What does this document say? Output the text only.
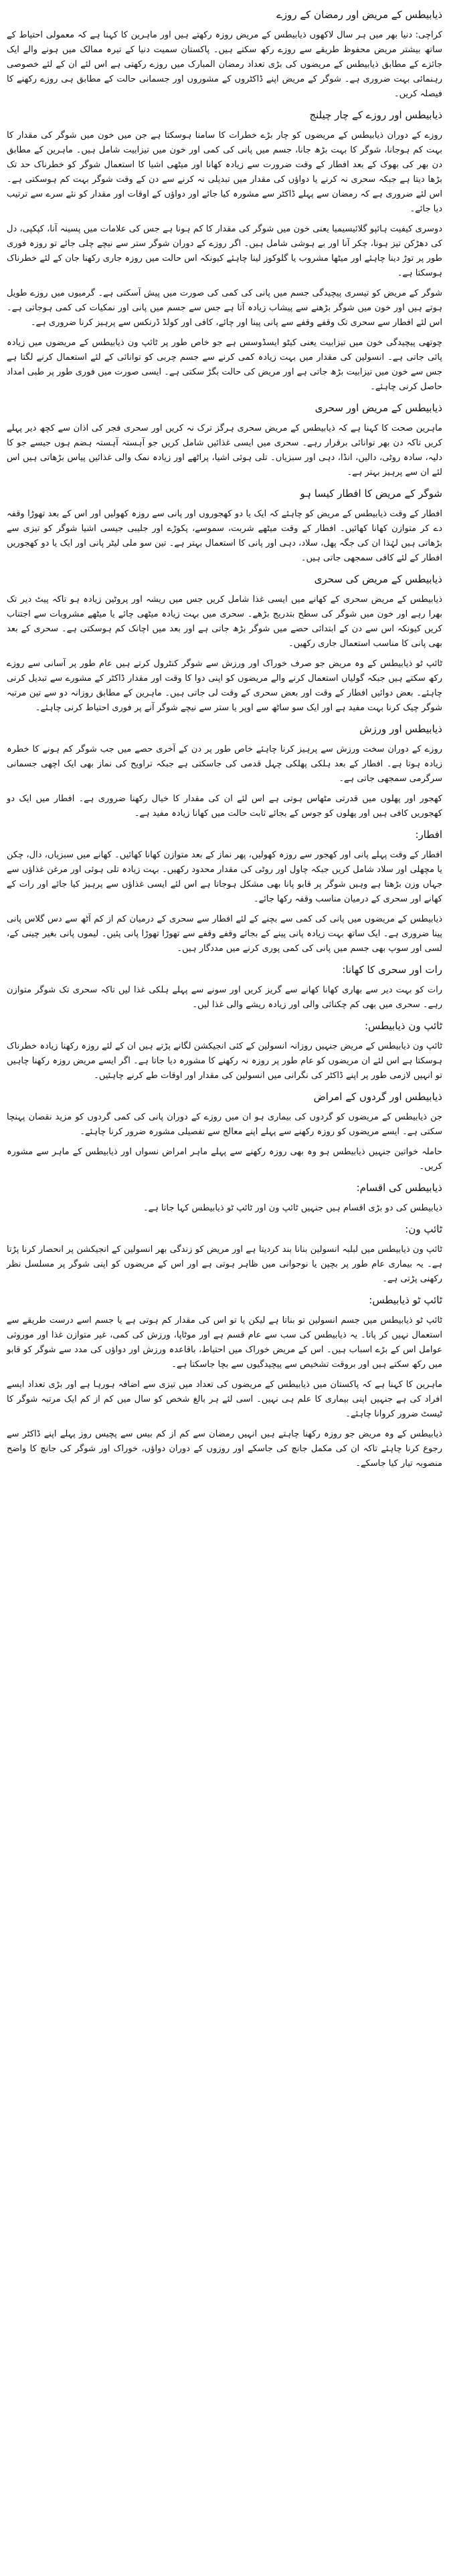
ذیابیطس کے مریض اور رمضان کے روزے

کراچی: دنیا بھر میں ہر سال لاکھوں ذیابیطس کے مریض روزہ رکھتے ہیں اور ماہرین کا کہنا ہے کہ معمولی احتیاط کے ساتھ بیشتر مریض محفوظ طریقے سے روزے رکھ سکتے ہیں۔ پاکستان سمیت دنیا کے تیرہ ممالک میں ہونے والے ایک جائزے کے مطابق ذیابیطس کے مریضوں کی بڑی تعداد رمضان المبارک میں روزے رکھتی ہے اس لئے ان کے لئے خصوصی رہنمائی بہت ضروری ہے۔ شوگر کے مریض اپنے ڈاکٹروں کے مشوروں اور جسمانی حالت کے مطابق ہی روزے رکھنے کا فیصلہ کریں۔

ذیابیطس اور روزے کے چار چیلنج

روزے کے دوران ذیابیطس کے مریضوں کو چار بڑے خطرات کا سامنا ہوسکتا ہے جن میں خون میں شوگر کی مقدار کا بہت کم ہوجانا، شوگر کا بہت بڑھ جانا، جسم میں پانی کی کمی اور خون میں تیزابیت شامل ہیں۔ ماہرین کے مطابق دن بھر کی بھوک کے بعد افطار کے وقت ضرورت سے زیادہ کھانا اور میٹھی اشیا کا استعمال شوگر کو خطرناک حد تک بڑھا دیتا ہے جبکہ سحری نہ کرنے یا دواؤں کی مقدار میں تبدیلی نہ کرنے سے دن کے وقت شوگر بہت کم ہوسکتی ہے۔ اس لئے ضروری ہے کہ رمضان سے پہلے ڈاکٹر سے مشورہ کیا جائے اور دواؤں کے اوقات اور مقدار کو نئے سرے سے ترتیب دیا جائے۔

دوسری کیفیت ہائپو گلائیسیمیا یعنی خون میں شوگر کی مقدار کا کم ہونا ہے جس کی علامات میں پسینہ آنا، کپکپی، دل کی دھڑکن تیز ہونا، چکر آنا اور بے ہوشی شامل ہیں۔ اگر روزے کے دوران شوگر ستر سے نیچے چلی جائے تو روزہ فوری طور پر توڑ دینا چاہئے اور میٹھا مشروب یا گلوکوز لینا چاہئے کیونکہ اس حالت میں روزہ جاری رکھنا جان کے لئے خطرناک ہوسکتا ہے۔

شوگر کے مریض کو تیسری پیچیدگی جسم میں پانی کی کمی کی صورت میں پیش آسکتی ہے۔ گرمیوں میں روزے طویل ہوتے ہیں اور خون میں شوگر بڑھنے سے پیشاب زیادہ آتا ہے جس سے جسم میں پانی اور نمکیات کی کمی ہوجاتی ہے۔ اس لئے افطار سے سحری تک وقفے وقفے سے پانی پینا اور چائے، کافی اور کولڈ ڈرنکس سے پرہیز کرنا ضروری ہے۔

چوتھی پیچیدگی خون میں تیزابیت یعنی کیٹو ایسڈوسس ہے جو خاص طور پر ٹائپ ون ذیابیطس کے مریضوں میں زیادہ پائی جاتی ہے۔ انسولین کی مقدار میں بہت زیادہ کمی کرنے سے جسم چربی کو توانائی کے لئے استعمال کرنے لگتا ہے جس سے خون میں تیزابیت بڑھ جاتی ہے اور مریض کی حالت بگڑ سکتی ہے۔ ایسی صورت میں فوری طور پر طبی امداد حاصل کرنی چاہئے۔

ذیابیطس کے مریض اور سحری

ماہرین صحت کا کہنا ہے کہ ذیابیطس کے مریض سحری ہرگز ترک نہ کریں اور سحری فجر کی اذان سے کچھ دیر پہلے کریں تاکہ دن بھر توانائی برقرار رہے۔ سحری میں ایسی غذائیں شامل کریں جو آہستہ آہستہ ہضم ہوں جیسے جو کا دلیہ، سادہ روٹی، دالیں، انڈا، دہی اور سبزیاں۔ تلی ہوئی اشیا، پراٹھے اور زیادہ نمک والی غذائیں پیاس بڑھاتی ہیں اس لئے ان سے پرہیز بہتر ہے۔

شوگر کے مریض کا افطار کیسا ہو

افطار کے وقت ذیابیطس کے مریض کو چاہئے کہ ایک یا دو کھجوروں اور پانی سے روزہ کھولیں اور اس کے بعد تھوڑا وقفہ دے کر متوازن کھانا کھائیں۔ افطار کے وقت میٹھے شربت، سموسے، پکوڑے اور جلیبی جیسی اشیا شوگر کو تیزی سے بڑھاتی ہیں لہٰذا ان کی جگہ پھل، سلاد، دہی اور پانی کا استعمال بہتر ہے۔ تین سو ملی لیٹر پانی اور ایک یا دو کھجوریں افطار کے لئے کافی سمجھی جاتی ہیں۔

ذیابیطس کے مریض کی سحری

ذیابیطس کے مریض سحری کے کھانے میں ایسی غذا شامل کریں جس میں ریشہ اور پروٹین زیادہ ہو تاکہ پیٹ دیر تک بھرا رہے اور خون میں شوگر کی سطح بتدریج بڑھے۔ سحری میں بہت زیادہ میٹھی چائے یا میٹھے مشروبات سے اجتناب کریں کیونکہ اس سے دن کے ابتدائی حصے میں شوگر بڑھ جاتی ہے اور بعد میں اچانک کم ہوسکتی ہے۔ سحری کے بعد بھی پانی کا مناسب استعمال جاری رکھیں۔

ٹائپ ٹو ذیابیطس کے وہ مریض جو صرف خوراک اور ورزش سے شوگر کنٹرول کرتے ہیں عام طور پر آسانی سے روزے رکھ سکتے ہیں جبکہ گولیاں استعمال کرنے والے مریضوں کو اپنی دوا کا وقت اور مقدار ڈاکٹر کے مشورے سے تبدیل کرنی چاہئے۔ بعض دوائیں افطار کے وقت اور بعض سحری کے وقت لی جاتی ہیں۔ ماہرین کے مطابق روزانہ دو سے تین مرتبہ شوگر چیک کرنا بہت مفید ہے اور ایک سو ساٹھ سے اوپر یا ستر سے نیچے شوگر آنے پر فوری احتیاط کرنی چاہئے۔

ذیابیطس اور ورزش

روزے کے دوران سخت ورزش سے پرہیز کرنا چاہئے خاص طور پر دن کے آخری حصے میں جب شوگر کم ہونے کا خطرہ زیادہ ہوتا ہے۔ افطار کے بعد ہلکی پھلکی چہل قدمی کی جاسکتی ہے جبکہ تراویح کی نماز بھی ایک اچھی جسمانی سرگرمی سمجھی جاتی ہے۔

کھجور اور پھلوں میں قدرتی مٹھاس ہوتی ہے اس لئے ان کی مقدار کا خیال رکھنا ضروری ہے۔ افطار میں ایک دو کھجوریں کافی ہیں اور پھلوں کو جوس کے بجائے ثابت حالت میں کھانا زیادہ مفید ہے۔

افطار:

افطار کے وقت پہلے پانی اور کھجور سے روزہ کھولیں، پھر نماز کے بعد متوازن کھانا کھائیں۔ کھانے میں سبزیاں، دال، چکن یا مچھلی اور سلاد شامل کریں جبکہ چاول اور روٹی کی مقدار محدود رکھیں۔ بہت زیادہ تلی ہوئی اور مرغن غذاؤں سے جہاں وزن بڑھتا ہے وہیں شوگر پر قابو پانا بھی مشکل ہوجاتا ہے اس لئے ایسی غذاؤں سے پرہیز کیا جائے اور رات کے کھانے اور سحری کے درمیان مناسب وقفہ رکھا جائے۔

ذیابیطس کے مریضوں میں پانی کی کمی سے بچنے کے لئے افطار سے سحری کے درمیان کم از کم آٹھ سے دس گلاس پانی پینا ضروری ہے۔ ایک ساتھ بہت زیادہ پانی پینے کے بجائے وقفے وقفے سے تھوڑا تھوڑا پانی پئیں۔ لیموں پانی بغیر چینی کے، لسی اور سوپ بھی جسم میں پانی کی کمی پوری کرنے میں مددگار ہیں۔

رات اور سحری کا کھانا:

رات کو بہت دیر سے بھاری کھانا کھانے سے گریز کریں اور سونے سے پہلے ہلکی غذا لیں تاکہ سحری تک شوگر متوازن رہے۔ سحری میں بھی کم چکنائی والی اور زیادہ ریشے والی غذا لیں۔

ٹائپ ون ذیابیطس:

ٹائپ ون ذیابیطس کے مریض جنہیں روزانہ انسولین کے کئی انجیکشن لگانے پڑتے ہیں ان کے لئے روزہ رکھنا زیادہ خطرناک ہوسکتا ہے اس لئے ان مریضوں کو عام طور پر روزہ نہ رکھنے کا مشورہ دیا جاتا ہے۔ اگر ایسے مریض روزہ رکھنا چاہیں تو انہیں لازمی طور پر اپنے ڈاکٹر کی نگرانی میں انسولین کی مقدار اور اوقات طے کرنے چاہئیں۔

ذیابیطس اور گردوں کے امراض

جن ذیابیطس کے مریضوں کو گردوں کی بیماری ہو ان میں روزے کے دوران پانی کی کمی گردوں کو مزید نقصان پہنچا سکتی ہے۔ ایسے مریضوں کو روزہ رکھنے سے پہلے اپنے معالج سے تفصیلی مشورہ ضرور کرنا چاہئے۔

حاملہ خواتین جنہیں ذیابیطس ہو وہ بھی روزہ رکھنے سے پہلے ماہر امراض نسواں اور ذیابیطس کے ماہر سے مشورہ کریں۔

ذیابیطس کی اقسام:

ذیابیطس کی دو بڑی اقسام ہیں جنہیں ٹائپ ون اور ٹائپ ٹو ذیابیطس کہا جاتا ہے۔

ٹائپ ون:

ٹائپ ون ذیابیطس میں لبلبہ انسولین بنانا بند کردیتا ہے اور مریض کو زندگی بھر انسولین کے انجیکشن پر انحصار کرنا پڑتا ہے۔ یہ بیماری عام طور پر بچپن یا نوجوانی میں ظاہر ہوتی ہے اور اس کے مریضوں کو اپنی شوگر پر مسلسل نظر رکھنی پڑتی ہے۔

ٹائپ ٹو ذیابیطس:

ٹائپ ٹو ذیابیطس میں جسم انسولین تو بناتا ہے لیکن یا تو اس کی مقدار کم ہوتی ہے یا جسم اسے درست طریقے سے استعمال نہیں کر پاتا۔ یہ ذیابیطس کی سب سے عام قسم ہے اور موٹاپا، ورزش کی کمی، غیر متوازن غذا اور موروثی عوامل اس کے بڑے اسباب ہیں۔ اس کے مریض خوراک میں احتیاط، باقاعدہ ورزش اور دواؤں کی مدد سے شوگر کو قابو میں رکھ سکتے ہیں اور بروقت تشخیص سے پیچیدگیوں سے بچا جاسکتا ہے۔

ماہرین کا کہنا ہے کہ پاکستان میں ذیابیطس کے مریضوں کی تعداد میں تیزی سے اضافہ ہورہا ہے اور بڑی تعداد ایسے افراد کی ہے جنہیں اپنی بیماری کا علم ہی نہیں۔ اسی لئے ہر بالغ شخص کو سال میں کم از کم ایک مرتبہ شوگر کا ٹیسٹ ضرور کروانا چاہئے۔

ذیابیطس کے وہ مریض جو روزہ رکھنا چاہتے ہیں انہیں رمضان سے کم از کم بیس سے پچیس روز پہلے اپنے ڈاکٹر سے رجوع کرنا چاہئے تاکہ ان کی مکمل جانچ کی جاسکے اور روزوں کے دوران دواؤں، خوراک اور شوگر کی جانچ کا واضح منصوبہ تیار کیا جاسکے۔
